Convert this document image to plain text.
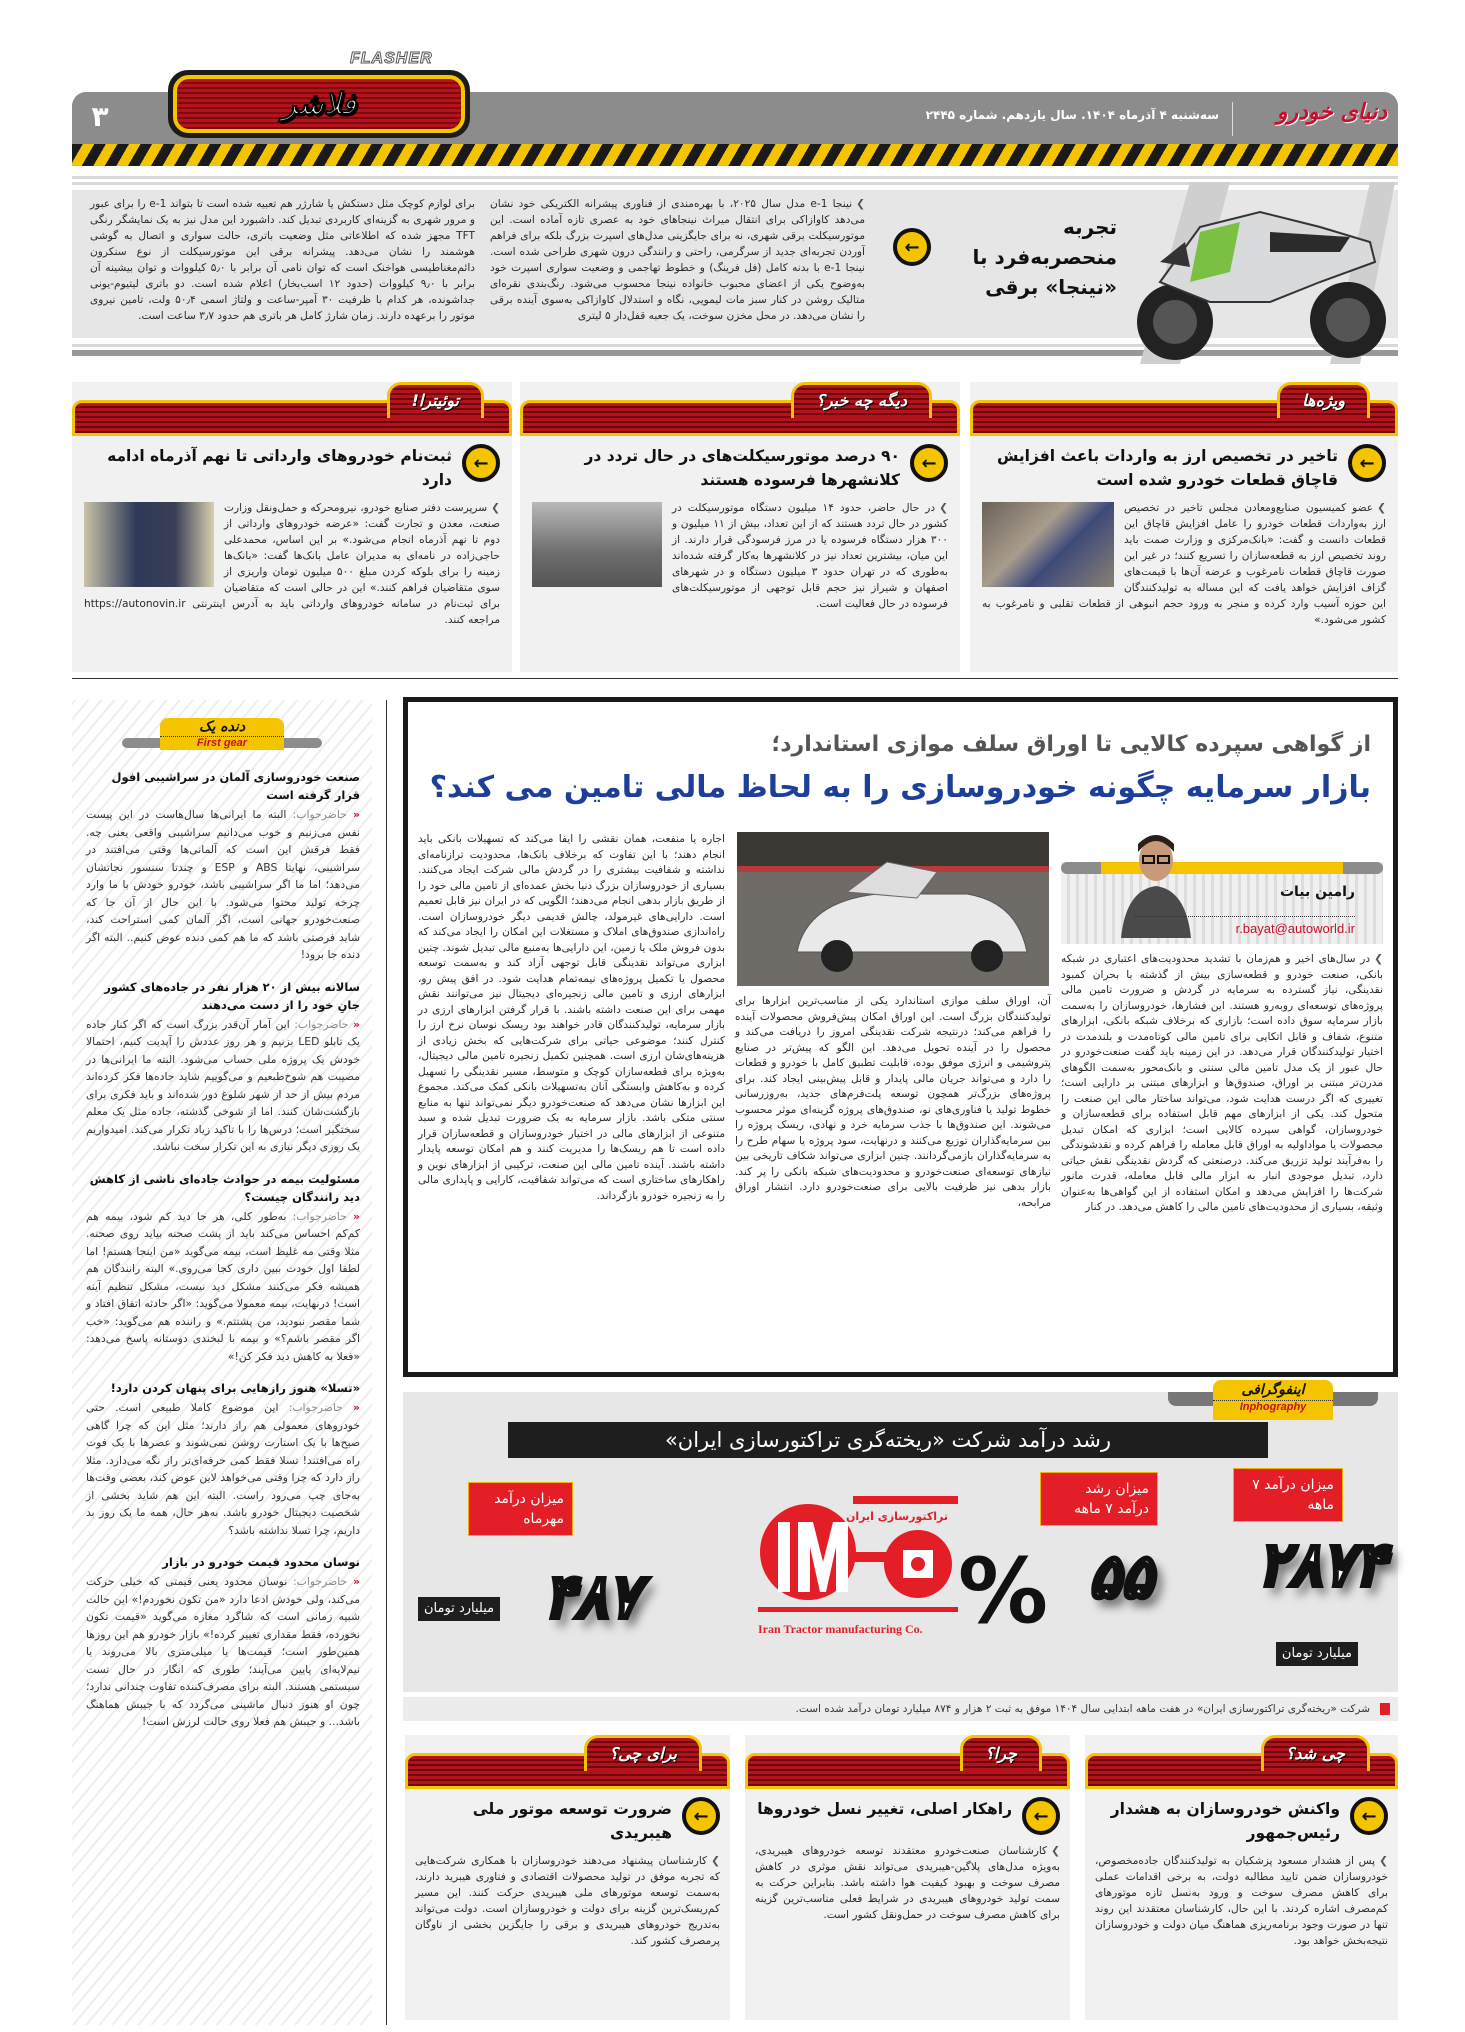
FLASHER
۳	فلاشر	دنیای خودرو
سه‌شنبه ۴ آذرماه ۱۴۰۴. سال یازدهم. شماره ۲۴۴۵
تجربه منحصربه‌فرد با «نینجا» برقی
←
❯نینجا e-1 مدل سال ۲۰۲۵، با بهره‌مندی از فناوری پیشرانه الکتریکی خود نشان می‌دهد کاوازاکی برای انتقال میراث نینجاهای خود به عصری تازه آماده است. این موتورسیکلت برقی شهری، نه برای جایگزینی مدل‌های اسپرت بزرگ بلکه برای فراهم آوردن تجربه‌ای جدید از سرگرمی، راحتی و رانندگی درون شهری طراحی شده است. نینجا e-1 با بدنه کامل (فل فرینگ) و خطوط تهاجمی و وضعیت سواری اسپرت خود به‌وضوح یکی از اعضای محبوب خانواده نینجا محسوب می‌شود. رنگ‌بندی نقره‌ای متالیک روشن در کنار سبز مات لیمویی، نگاه و استدلال کاوازاکی به‌سوی آینده برقی را نشان می‌دهد. در محل مخزن سوخت، یک جعبه قفل‌دار ۵ لیتری
برای لوازم کوچک مثل دستکش یا شارژر هم تعبیه شده است تا بتواند e-1 را برای عبور و مرور شهری به گزینه‌ای کاربردی تبدیل کند. داشبورد این مدل نیز به یک نمایشگر رنگی TFT مجهز شده که اطلاعاتی مثل وضعیت باتری، حالت سواری و اتصال به گوشی هوشمند را نشان می‌دهد. پیشرانه برقی این موتورسیکلت از نوع سنکرون دائم‌مغناطیسی هواخنک است که توان نامی آن برابر با ۵٫۰ کیلووات و توان بیشینه آن برابر با ۹٫۰ کیلووات (حدود ۱۲ اسب‌بخار) اعلام شده است. دو باتری لیتیوم-یونی جداشونده، هر کدام با ظرفیت ۳۰ آمپر-ساعت و ولتاژ اسمی ۵۰٫۴ ولت، تامین نیروی موتور را برعهده دارند. زمان شارژ کامل هر باتری هم حدود ۳٫۷ ساعت است.
ویژه‌ها
←
تاخیر در تخصیص ارز به واردات باعث افزایش قاچاق قطعات خودرو شده است
❯عضو کمیسیون صنایع‌ومعادن مجلس تاخیر در تخصیص ارز به‌واردات قطعات خودرو را عامل افزایش قاچاق این قطعات دانست و گفت: «بانک‌مرکزی و وزارت صمت باید روند تخصیص ارز به قطعه‌سازان را تسریع کنند؛ در غیر این صورت قاچاق قطعات نامرغوب و عرضه آن‌ها با قیمت‌های گزاف افزایش خواهد یافت که این مساله به تولیدکنندگان این حوزه آسیب وارد کرده و منجر به ورود حجم انبوهی از قطعات تقلبی و نامرغوب به کشور می‌شود.»
دیگه چه خبر؟
←
۹۰ درصد موتورسیکلت‌های در حال تردد در کلانشهرها فرسوده هستند
❯در حال حاضر، حدود ۱۴ میلیون دستگاه موتورسیکلت در کشور در حال تردد هستند که از این تعداد، بیش از ۱۱ میلیون و ۳۰۰ هزار دستگاه فرسوده یا در مرز فرسودگی قرار دارند. از این میان، بیشترین تعداد نیز در کلانشهرها به‌کار گرفته شده‌اند به‌طوری که در تهران حدود ۳ میلیون دستگاه و در شهرهای اصفهان و شیراز نیز حجم قابل توجهی از موتورسیکلت‌های فرسوده در حال فعالیت است.
توئیترا!
←
ثبت‌نام خودروهای وارداتی تا نهم آذرماه ادامه دارد
❯سرپرست دفتر صنایع خودرو، نیرومحرکه و حمل‌ونقل وزارت صنعت، معدن و تجارت گفت: «عرضه خودروهای وارداتی از دوم تا نهم آذرماه انجام می‌شود.» بر این اساس، محمدعلی حاجی‌زاده در نامه‌ای به مدیران عامل بانک‌ها گفت: «بانک‌ها زمینه را برای بلوکه کردن مبلغ ۵۰۰ میلیون تومان واریزی از سوی متقاضیان فراهم کنند.» این در حالی است که متقاضیان برای ثبت‌نام در سامانه خودروهای وارداتی باید به آدرس اینترنتی https://autonovin.ir مراجعه کنند.
دنده یک
First gear
صنعت خودروسازی آلمان در سراشیبی افول قرار گرفته است

« حاضرجواب: البته ما ایرانی‌ها سال‌هاست در این پیست نفس می‌زنیم و خوب می‌دانیم سراشیبی واقعی یعنی چه. فقط فرقش این است که آلمانی‌ها وقتی می‌افتند در سراشیبی، نهایتا ABS و ESP و چندتا سنسور نجاتشان می‌دهد؛ اما ما اگر سراشیبی باشد، خودرو خودش با ما وارد چرخه تولید محتوا می‌شود. با این حال از آن جا که صنعت‌خودرو جهانی است، اگر آلمان کمی استراحت کند، شاید فرصتی باشد که ما هم کمی دنده عوض کنیم.. البته اگر دنده جا برود!

سالانه بیش از ۲۰ هزار نفر در جاده‌های کشور جانِ خود را از دست می‌دهند

« حاضرجواب: این آمار آن‌قدر بزرگ است که اگر کنار جاده یک تابلو LED بزنیم و هر روز عددش را آپدیت کنیم، احتمالا خودش یک پروژه ملی حساب می‌شود. البته ما ایرانی‌ها در مصیبت هم شوخ‌طبعیم و می‌گوییم شاید جاده‌ها فکر کرده‌اند مردم بیش از حد از شهر شلوغ دور شده‌اند و باید فکری برای بازگشت‌شان کنند. اما از شوخی گذشته، جاده مثل یک معلم سختگیر است؛ درس‌ها را با تاکید زیاد تکرار می‌کند. امیدواریم یک روزی دیگر نیازی به این تکرار سخت نباشد.

مسئولیت بیمه در حوادث جاده‌ای ناشی از کاهش دید رانندگان چیست؟

« حاضرجواب: به‌طور کلی، هر جا دید کم شود، بیمه هم کم‌کم احساس می‌کند باید از پشت صحنه بیاید روی صحنه. مثلا وقتی مه غلیظ است، بیمه می‌گوید «من اینجا هستم! اما لطفا اول خودت ببین داری کجا می‌روی.» البته رانندگان هم همیشه فکر می‌کنند مشکل دید نیست، مشکل تنظیم آینه است! درنهایت، بیمه معمولا می‌گوید: «اگر حادثه اتفاق افتاد و شما مقصر نبودید، من پشتتم.» و راننده هم می‌گوید: «خب اگر مقصر باشم؟» و بیمه با لبخندی دوستانه پاسخ می‌دهد: «فعلا به کاهش دید فکر کن!»

«تسلا» هنوز رازهایی برای پنهان کردن دارد!

« حاضرجواب: این موضوع کاملا طبیعی است. حتی خودروهای معمولی هم راز دارند؛ مثل این که چرا گاهی صبح‌ها با یک استارت روشن نمی‌شوند و عصرها با یک فوت راه می‌افتند! تسلا فقط کمی حرفه‌ای‌تر راز نگه می‌دارد. مثلا راز دارد که چرا وقتی می‌خواهد لاین عوض کند، بعضی وقت‌ها به‌جای چپ می‌رود راست. البته این هم شاید بخشی از شخصیت دیجیتال خودرو باشد. به‌هر حال، همه ما یک روز بد داریم، چرا تسلا نداشته باشد؟

نوسان محدود قیمت خودرو در بازار

« حاضرجواب: نوسان محدود یعنی قیمتی که خیلی حرکت می‌کند، ولی خودش ادعا دارد «من تکون نخوردم!» این حالت شبیه زمانی است که شاگرد مغازه می‌گوید «قیمت تکون نخورده، فقط مقداری تغییر کرده!» بازار خودرو هم این روزها همین‌طور است؛ قیمت‌ها یا میلی‌متری بالا می‌روند یا نیم‌لایه‌ای پایین می‌آیند؛ طوری که انگار در حال تست سیستمی هستند. البته برای مصرف‌کننده تفاوت چندانی ندارد؛ چون او هنوز دنبال ماشینی می‌گردد که با جیبش هماهنگ باشد... و جیبش هم فعلا روی حالت لرزش است!

از گواهی سپرده کالایی تا اوراق سلف موازی استاندارد؛
بازار سرمایه چگونه خودروسازی را به لحاظ مالی تامین می کند؟
رامین بیات
r.bayat@autoworld.ir
❯در سال‌های اخیر و هم‌زمان با تشدید محدودیت‌های اعتباری در شبکه بانکی، صنعت خودرو و قطعه‌سازی بیش از گذشته با بحران کمبود نقدینگی، نیاز گسترده به سرمایه در گردش و ضرورت تامین مالی پروژه‌های توسعه‌ای روبه‌رو هستند. این فشارها، خودروسازان را به‌سمت بازار سرمایه سوق داده است؛ بازاری که برخلاف شبکه بانکی، ابزارهای متنوع، شفاف و قابل اتکایی برای تامین مالی کوتاه‌مدت و بلندمدت در اختیار تولیدکنندگان قرار می‌دهد. در این زمینه باید گفت صنعت‌خودرو در حال عبور از یک مدل تامین مالی سنتی و بانک‌محور به‌سمت الگوهای مدرن‌تر مبتنی بر اوراق، صندوق‌ها و ابزارهای مبتنی بر دارایی است؛ تغییری که اگر درست هدایت شود، می‌تواند ساختار مالی این صنعت را متحول کند. یکی از ابزارهای مهم قابل استفاده برای قطعه‌سازان و خودروسازان، گواهی سپرده کالایی است؛ ابزاری که امکان تبدیل محصولات یا مواداولیه به اوراق قابل معامله را فراهم کرده و نقدشوندگی را به‌فرآیند تولید تزریق می‌کند. درصنعتی که گردش نقدینگی نقش حیاتی دارد، تبدیل موجودی انبار به ابزار مالی قابل معامله، قدرت مانور شرکت‌ها را افزایش می‌دهد و امکان استفاده از این گواهی‌ها به‌عنوان وثیقه، بسیاری از محدودیت‌های تامین مالی را کاهش می‌دهد. در کنار
آن، اوراق سلف موازی استاندارد یکی از مناسب‌ترین ابزارها برای تولیدکنندگان بزرگ است. این اوراق امکان پیش‌فروش محصولات آینده را فراهم می‌کند؛ درنتیجه شرکت نقدینگی امروز را دریافت می‌کند و محصول را در آینده تحویل می‌دهد. این الگو که پیش‌تر در صنایع پتروشیمی و انرژی موفق بوده، قابلیت تطبیق کامل با خودرو و قطعات را دارد و می‌تواند جریان مالی پایدار و قابل پیش‌بینی ایجاد کند. برای پروژه‌های بزرگ‌تر همچون توسعه پلت‌فرم‌های جدید، به‌روزرسانی خطوط تولید یا فناوری‌های نو، صندوق‌های پروژه گزینه‌ای موثر محسوب می‌شوند. این صندوق‌ها با جذب سرمایه خرد و نهادی، ریسک پروژه را بین سرمایه‌گذاران توزیع می‌کنند و درنهایت، سود پروژه یا سهام طرح را به سرمایه‌گذاران بازمی‌گردانند. چنین ابزاری می‌تواند شکاف تاریخی بین نیازهای توسعه‌ای صنعت‌خودرو و محدودیت‌های شبکه بانکی را پر کند. بازار بدهی نیز ظرفیت بالایی برای صنعت‌خودرو دارد. انتشار اوراق مرابحه،
اجاره یا منفعت، همان نقشی را ایفا می‌کند که تسهیلات بانکی باید انجام دهند؛ با این تفاوت که برخلاف بانک‌ها، محدودیت ترازنامه‌ای نداشته و شفافیت بیشتری را در گردش مالی شرکت ایجاد می‌کنند. بسیاری از خودروسازان بزرگ دنیا بخش عمده‌ای از تامین مالی خود را از طریق بازار بدهی انجام می‌دهند؛ الگویی که در ایران نیز قابل تعمیم است. دارایی‌های غیرمولد، چالش قدیمی دیگر خودروسازان است. راه‌اندازی صندوق‌های املاک و مستغلات این امکان را ایجاد می‌کند که بدون فروش ملک یا زمین، این دارایی‌ها به‌منبع مالی تبدیل شوند. چنین ابزاری می‌تواند نقدینگی قابل توجهی آزاد کند و به‌سمت توسعه محصول یا تکمیل پروژه‌های نیمه‌تمام هدایت شود. در افق پیش رو، ابزارهای ارزی و تامین مالی زنجیره‌ای دیجیتال نیز می‌توانند نقش مهمی برای این صنعت داشته باشند. با قرار گرفتن ابزارهای ارزی در بازار سرمایه، تولیدکنندگان قادر خواهند بود ریسک نوسان نرخ ارز را کنترل کنند؛ موضوعی حیاتی برای شرکت‌هایی که بخش زیادی از هزینه‌های‌شان ارزی است. همچنین تکمیل زنجیره تامین مالی دیجیتال، به‌ویژه برای قطعه‌سازان کوچک و متوسط، مسیر نقدینگی را تسهیل کرده و به‌کاهش وابستگی آنان به‌تسهیلات بانکی کمک می‌کند. مجموع این ابزارها نشان می‌دهد که صنعت‌خودرو دیگر نمی‌تواند تنها به منابع سنتی متکی باشد. بازار سرمایه به یک ضرورت تبدیل شده و سبد متنوعی از ابزارهای مالی در اختیار خودروسازان و قطعه‌سازان قرار داده است تا هم ریسک‌ها را مدیریت کنند و هم امکان توسعه پایدار داشته باشند. آینده تامین مالی این صنعت، ترکیبی از ابزارهای نوین و راهکارهای ساختاری است که می‌تواند شفافیت، کارایی و پایداری مالی را به زنجیره خودرو بازگرداند.
اینفوگرافی
Inphography
رشد درآمد شرکت «ریخته‌گری تراکتورسازی ایران»
میزان درآمد ۷ ماهه
۲۸۷۴
میلیارد تومان
میزان رشد درآمد ۷ ماهه
۵۵
%
تراکتورسازی ایران
Iran Tractor manufacturing Co.
میزان درآمد مهرماه
۴۸۷
میلیارد تومان
شرکت «ریخته‌گری تراکتورسازی ایران» در هفت ماهه ابتدایی سال ۱۴۰۴ موفق به ثبت ۲ هزار و ۸۷۴ میلیارد تومان درآمد شده است.
چی شد؟
←
واکنش خودروسازان به هشدار رئیس‌جمهور
❯پس از هشدار مسعود پزشکیان به تولیدکنندگان جاده‌مخصوص، خودروسازان ضمن تایید مطالبه دولت، به برخی اقدامات عملی برای کاهش مصرف سوخت و ورود به‌نسل تازه موتورهای کم‌مصرف اشاره کردند. با این حال، کارشناسان معتقدند این روند تنها در صورت وجود برنامه‌ریزی هماهنگ میان دولت و خودروسازان نتیجه‌بخش خواهد بود.
چرا؟
←
راهکار اصلی، تغییر نسل خودروها
❯کارشناسان صنعت‌خودرو معتقدند توسعه خودروهای هیبریدی، به‌ویژه مدل‌های پلاگین-هیبریدی می‌تواند نقش موثری در کاهش مصرف سوخت و بهبود کیفیت هوا داشته باشد. بنابراین حرکت به سمت تولید خودروهای هیبریدی در شرایط فعلی مناسب‌ترین گزینه برای کاهش مصرف سوخت در حمل‌ونقل کشور است.
برای چی؟
←
ضرورت توسعه موتور ملی هیبریدی
❯کارشناسان پیشنهاد می‌دهند خودروسازان با همکاری شرکت‌هایی که تجربه موفق در تولید محصولات اقتصادی و فناوری هیبرید دارند، به‌سمت توسعه موتورهای ملی هیبریدی حرکت کنند. این مسیر کم‌ریسک‌ترین گزینه برای دولت و خودروسازان است. دولت می‌تواند به‌تدریج خودروهای هیبریدی و برقی را جایگزین بخشی از ناوگان پرمصرف کشور کند.
